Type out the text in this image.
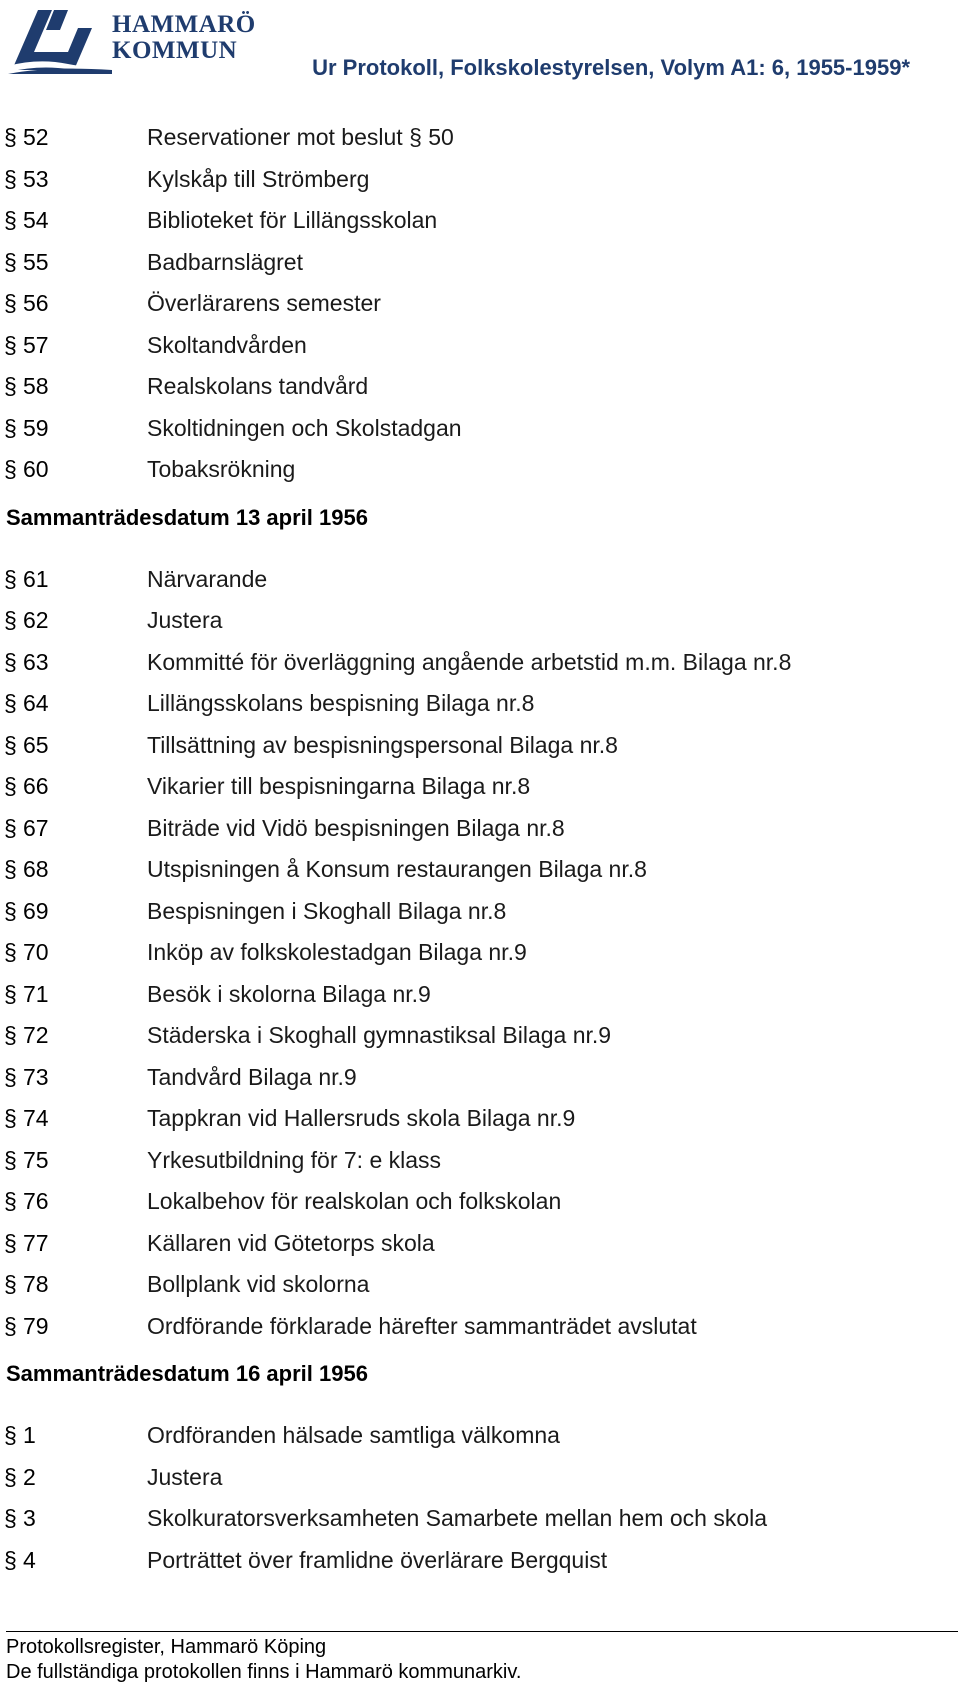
HAMMARÖ
KOMMUN
Ur Protokoll, Folkskolestyrelsen, Volym A1: 6, 1955-1959*
§ 52	Reservationer mot beslut § 50
§ 53	Kylskåp till Strömberg
§ 54	Biblioteket för Lillängsskolan
§ 55	Badbarnslägret
§ 56	Överlärarens semester
§ 57	Skoltandvården
§ 58	Realskolans tandvård
§ 59	Skoltidningen och Skolstadgan
§ 60	Tobaksrökning
Sammanträdesdatum 13 april 1956
§ 61	Närvarande
§ 62	Justera
§ 63	Kommitté för överläggning angående arbetstid m.m. Bilaga nr.8
§ 64	Lillängsskolans bespisning Bilaga nr.8
§ 65	Tillsättning av bespisningspersonal Bilaga nr.8
§ 66	Vikarier till bespisningarna Bilaga nr.8
§ 67	Biträde vid Vidö bespisningen Bilaga nr.8
§ 68	Utspisningen å Konsum restaurangen Bilaga nr.8
§ 69	Bespisningen i Skoghall Bilaga nr.8
§ 70	Inköp av folkskolestadgan Bilaga nr.9
§ 71	Besök i skolorna Bilaga nr.9
§ 72	Städerska i Skoghall gymnastiksal Bilaga nr.9
§ 73	Tandvård Bilaga nr.9
§ 74	Tappkran vid Hallersruds skola Bilaga nr.9
§ 75	Yrkesutbildning för 7: e klass
§ 76	Lokalbehov för realskolan och folkskolan
§ 77	Källaren vid Götetorps skola
§ 78	Bollplank vid skolorna
§ 79	Ordförande förklarade härefter sammanträdet avslutat
Sammanträdesdatum 16 april 1956
§ 1	Ordföranden hälsade samtliga välkomna
§ 2	Justera
§ 3	Skolkuratorsverksamheten Samarbete mellan hem och skola
§ 4	Porträttet över framlidne överlärare Bergquist
Protokollsregister, Hammarö Köping
De fullständiga protokollen finns i Hammarö kommunarkiv.
